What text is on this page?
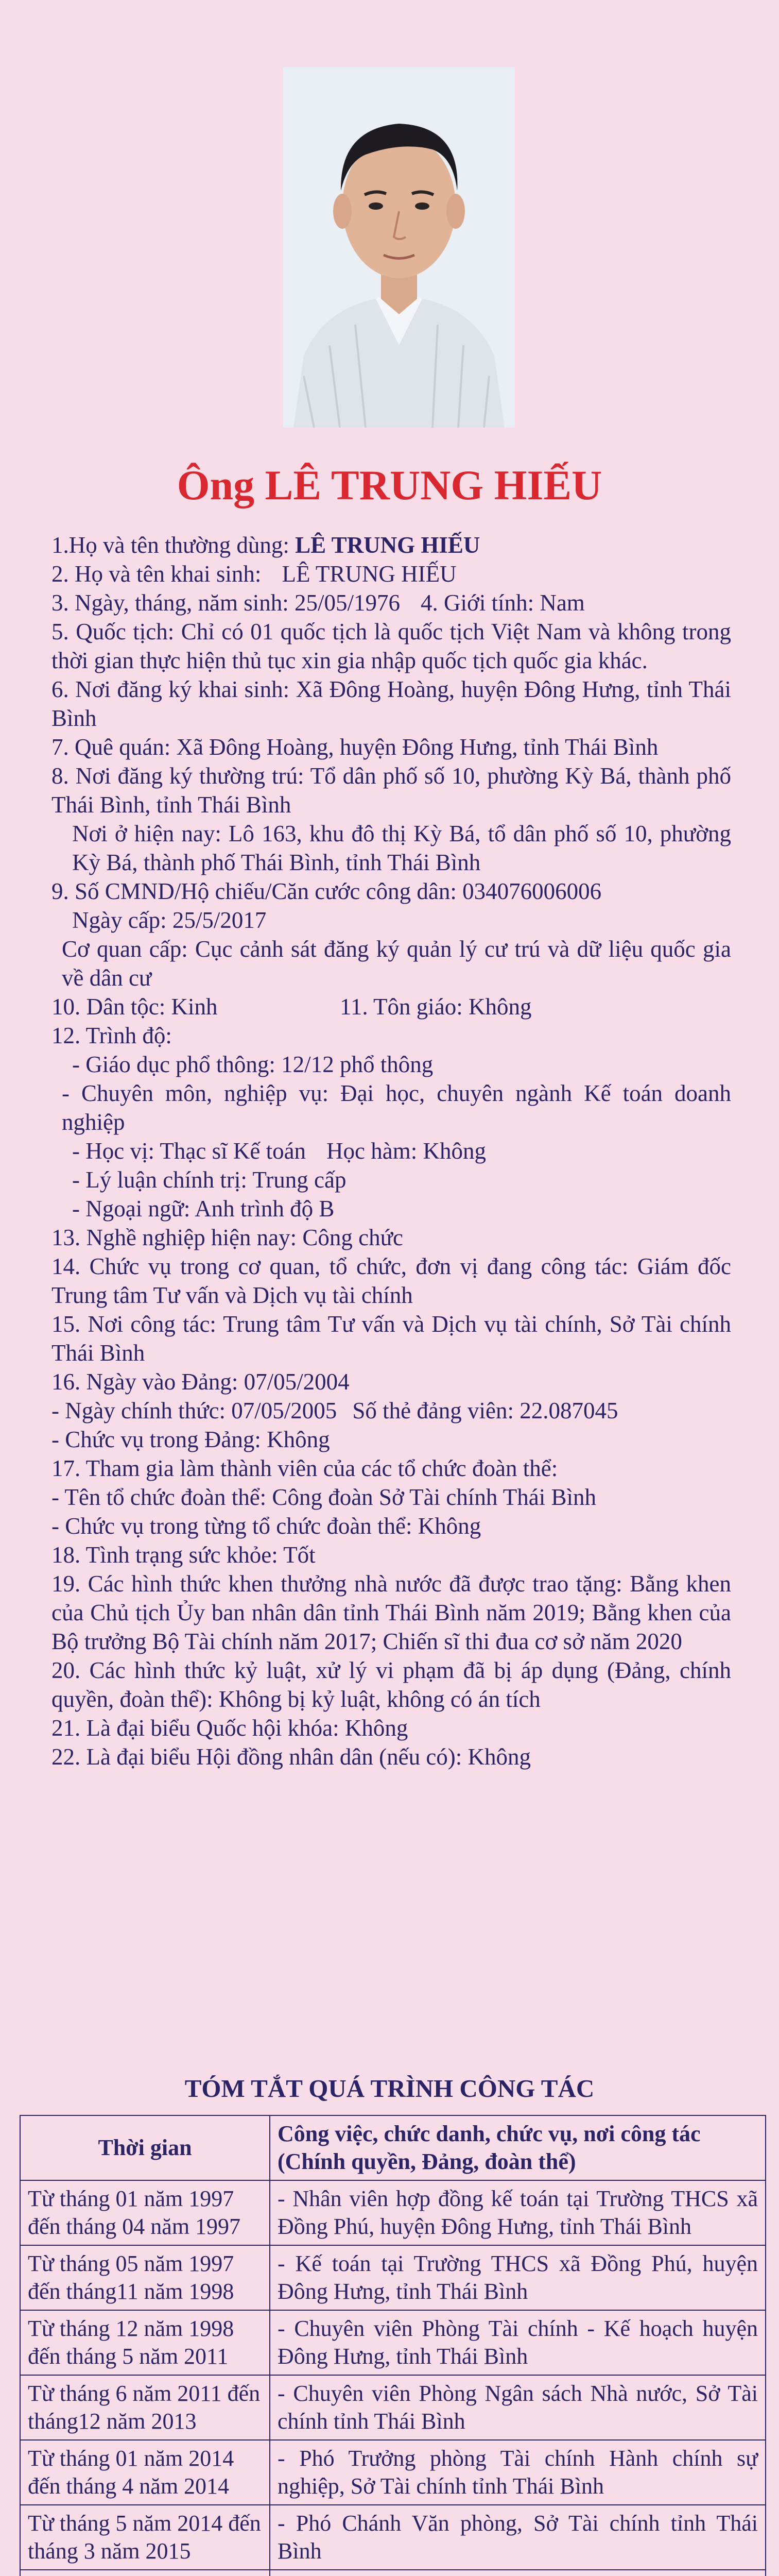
Ông LÊ TRUNG HIẾU
1.Họ và tên thường dùng: LÊ TRUNG HIẾU
2. Họ và tên khai sinh: LÊ TRUNG HIẾU
3. Ngày, tháng, năm sinh: 25/05/1976 4. Giới tính: Nam
5. Quốc tịch: Chỉ có 01 quốc tịch là quốc tịch Việt Nam và không trong thời gian thực hiện thủ tục xin gia nhập quốc tịch quốc gia khác.
6. Nơi đăng ký khai sinh: Xã Đông Hoàng, huyện Đông Hưng, tỉnh Thái Bình
7. Quê quán: Xã Đông Hoàng, huyện Đông Hưng, tỉnh Thái Bình
8. Nơi đăng ký thường trú: Tổ dân phố số 10, phường Kỳ Bá, thành phố Thái Bình, tỉnh Thái Bình
Nơi ở hiện nay: Lô 163, khu đô thị Kỳ Bá, tổ dân phố số 10, phường Kỳ Bá, thành phố Thái Bình, tỉnh Thái Bình
9. Số CMND/Hộ chiếu/Căn cước công dân: 034076006006
Ngày cấp: 25/5/2017
Cơ quan cấp: Cục cảnh sát đăng ký quản lý cư trú và dữ liệu quốc gia về dân cư
10. Dân tộc: Kinh	11. Tôn giáo: Không
12. Trình độ:
- Giáo dục phổ thông: 12/12 phổ thông
- Chuyên môn, nghiệp vụ: Đại học, chuyên ngành Kế toán doanh nghiệp
- Học vị: Thạc sĩ Kế toán Học hàm: Không
- Lý luận chính trị: Trung cấp
- Ngoại ngữ: Anh trình độ B
13. Nghề nghiệp hiện nay: Công chức
14. Chức vụ trong cơ quan, tổ chức, đơn vị đang công tác: Giám đốc Trung tâm Tư vấn và Dịch vụ tài chính
15. Nơi công tác: Trung tâm Tư vấn và Dịch vụ tài chính, Sở Tài chính Thái Bình
16. Ngày vào Đảng: 07/05/2004
- Ngày chính thức: 07/05/2005 Số thẻ đảng viên: 22.087045
- Chức vụ trong Đảng: Không
17. Tham gia làm thành viên của các tổ chức đoàn thể:
- Tên tổ chức đoàn thể: Công đoàn Sở Tài chính Thái Bình
- Chức vụ trong từng tổ chức đoàn thể: Không
18. Tình trạng sức khỏe: Tốt
19. Các hình thức khen thưởng nhà nước đã được trao tặng: Bằng khen của Chủ tịch Ủy ban nhân dân tỉnh Thái Bình năm 2019; Bằng khen của Bộ trưởng Bộ Tài chính năm 2017; Chiến sĩ thi đua cơ sở năm 2020
20. Các hình thức kỷ luật, xử lý vi phạm đã bị áp dụng (Đảng, chính quyền, đoàn thể): Không bị kỷ luật, không có án tích
21. Là đại biểu Quốc hội khóa: Không
22. Là đại biểu Hội đồng nhân dân (nếu có): Không
TÓM TẮT QUÁ TRÌNH CÔNG TÁC
Thời gian	Công việc, chức danh, chức vụ, nơi công tác (Chính quyền, Đảng, đoàn thể)
Từ tháng 01 năm 1997 đến tháng 04 năm 1997	- Nhân viên hợp đồng kế toán tại Trường THCS xã Đồng Phú, huyện Đông Hưng, tỉnh Thái Bình
Từ tháng 05 năm 1997 đến tháng11 năm 1998	- Kế toán tại Trường THCS xã Đồng Phú, huyện Đông Hưng, tỉnh Thái Bình
Từ tháng 12 năm 1998 đến tháng 5 năm 2011	- Chuyên viên Phòng Tài chính - Kế hoạch huyện Đông Hưng, tỉnh Thái Bình
Từ tháng 6 năm 2011 đến tháng12 năm 2013	- Chuyên viên Phòng Ngân sách Nhà nước, Sở Tài chính tỉnh Thái Bình
Từ tháng 01 năm 2014 đến tháng 4 năm 2014	- Phó Trưởng phòng Tài chính Hành chính sự nghiệp, Sở Tài chính tỉnh Thái Bình
Từ tháng 5 năm 2014 đến tháng 3 năm 2015	- Phó Chánh Văn phòng, Sở Tài chính tỉnh Thái Bình
